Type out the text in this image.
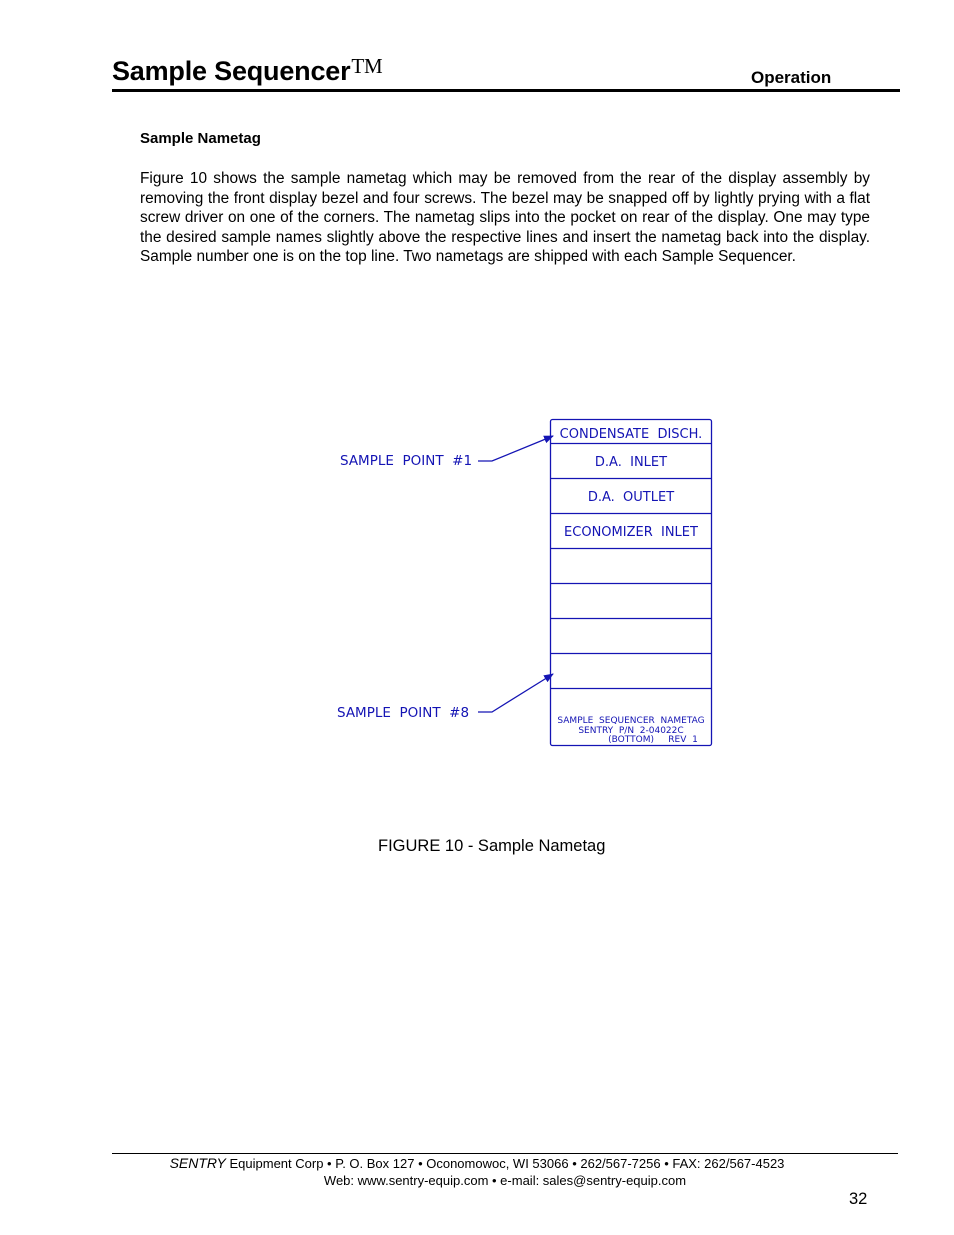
Sample Sequencer™	Operation
Sample Nametag
Figure 10 shows the sample nametag which may be removed from the rear of the display assembly by removing the front display bezel and four screws. The bezel may be snapped off by lightly prying with a flat screw driver on one of the corners. The nametag slips into the pocket on rear of the display. One may type the desired sample names slightly above the respective lines and insert the nametag back into the display. Sample number one is on the top line. Two nametags are shipped with each Sample Sequencer.
SAMPLE  POINT  #1
SAMPLE  POINT  #8
CONDENSATE  DISCH.
D.A.  INLET
D.A.  OUTLET
ECONOMIZER  INLET
SAMPLE  SEQUENCER  NAMETAG
SENTRY  P/N  2-04022C
(BOTTOM)     REV  1
FIGURE 10 - Sample Nametag
SENTRY Equipment Corp • P. O. Box 127 • Oconomowoc, WI 53066 • 262/567-7256 • FAX: 262/567-4523
Web: www.sentry-equip.com • e-mail: sales@sentry-equip.com
32
